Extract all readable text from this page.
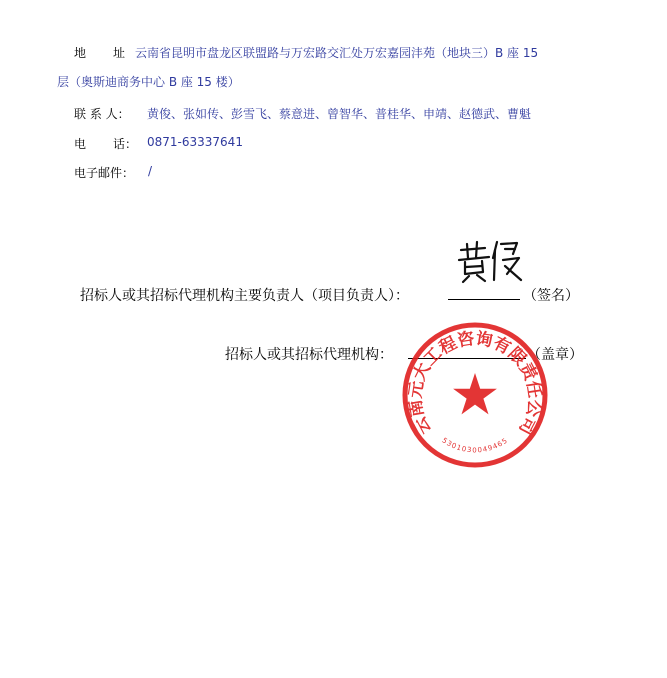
地 址 云南省昆明市盘龙区联盟路与万宏路交汇处万宏嘉园沣苑（地块三）B 座 15
层（奥斯迪商务中心 B 座 15 楼）
联 系 人： 黄俊、张如传、彭雪飞、蔡意进、曾智华、普桂华、申靖、赵德武、曹魁
电 话： 0871-63337641
电子邮件： /
招标人或其招标代理机构主要负责人（项目负责人）：	（签名）
招标人或其招标代理机构：	（盖章）
云南元大工程咨询有限责任公司
5301030049465
